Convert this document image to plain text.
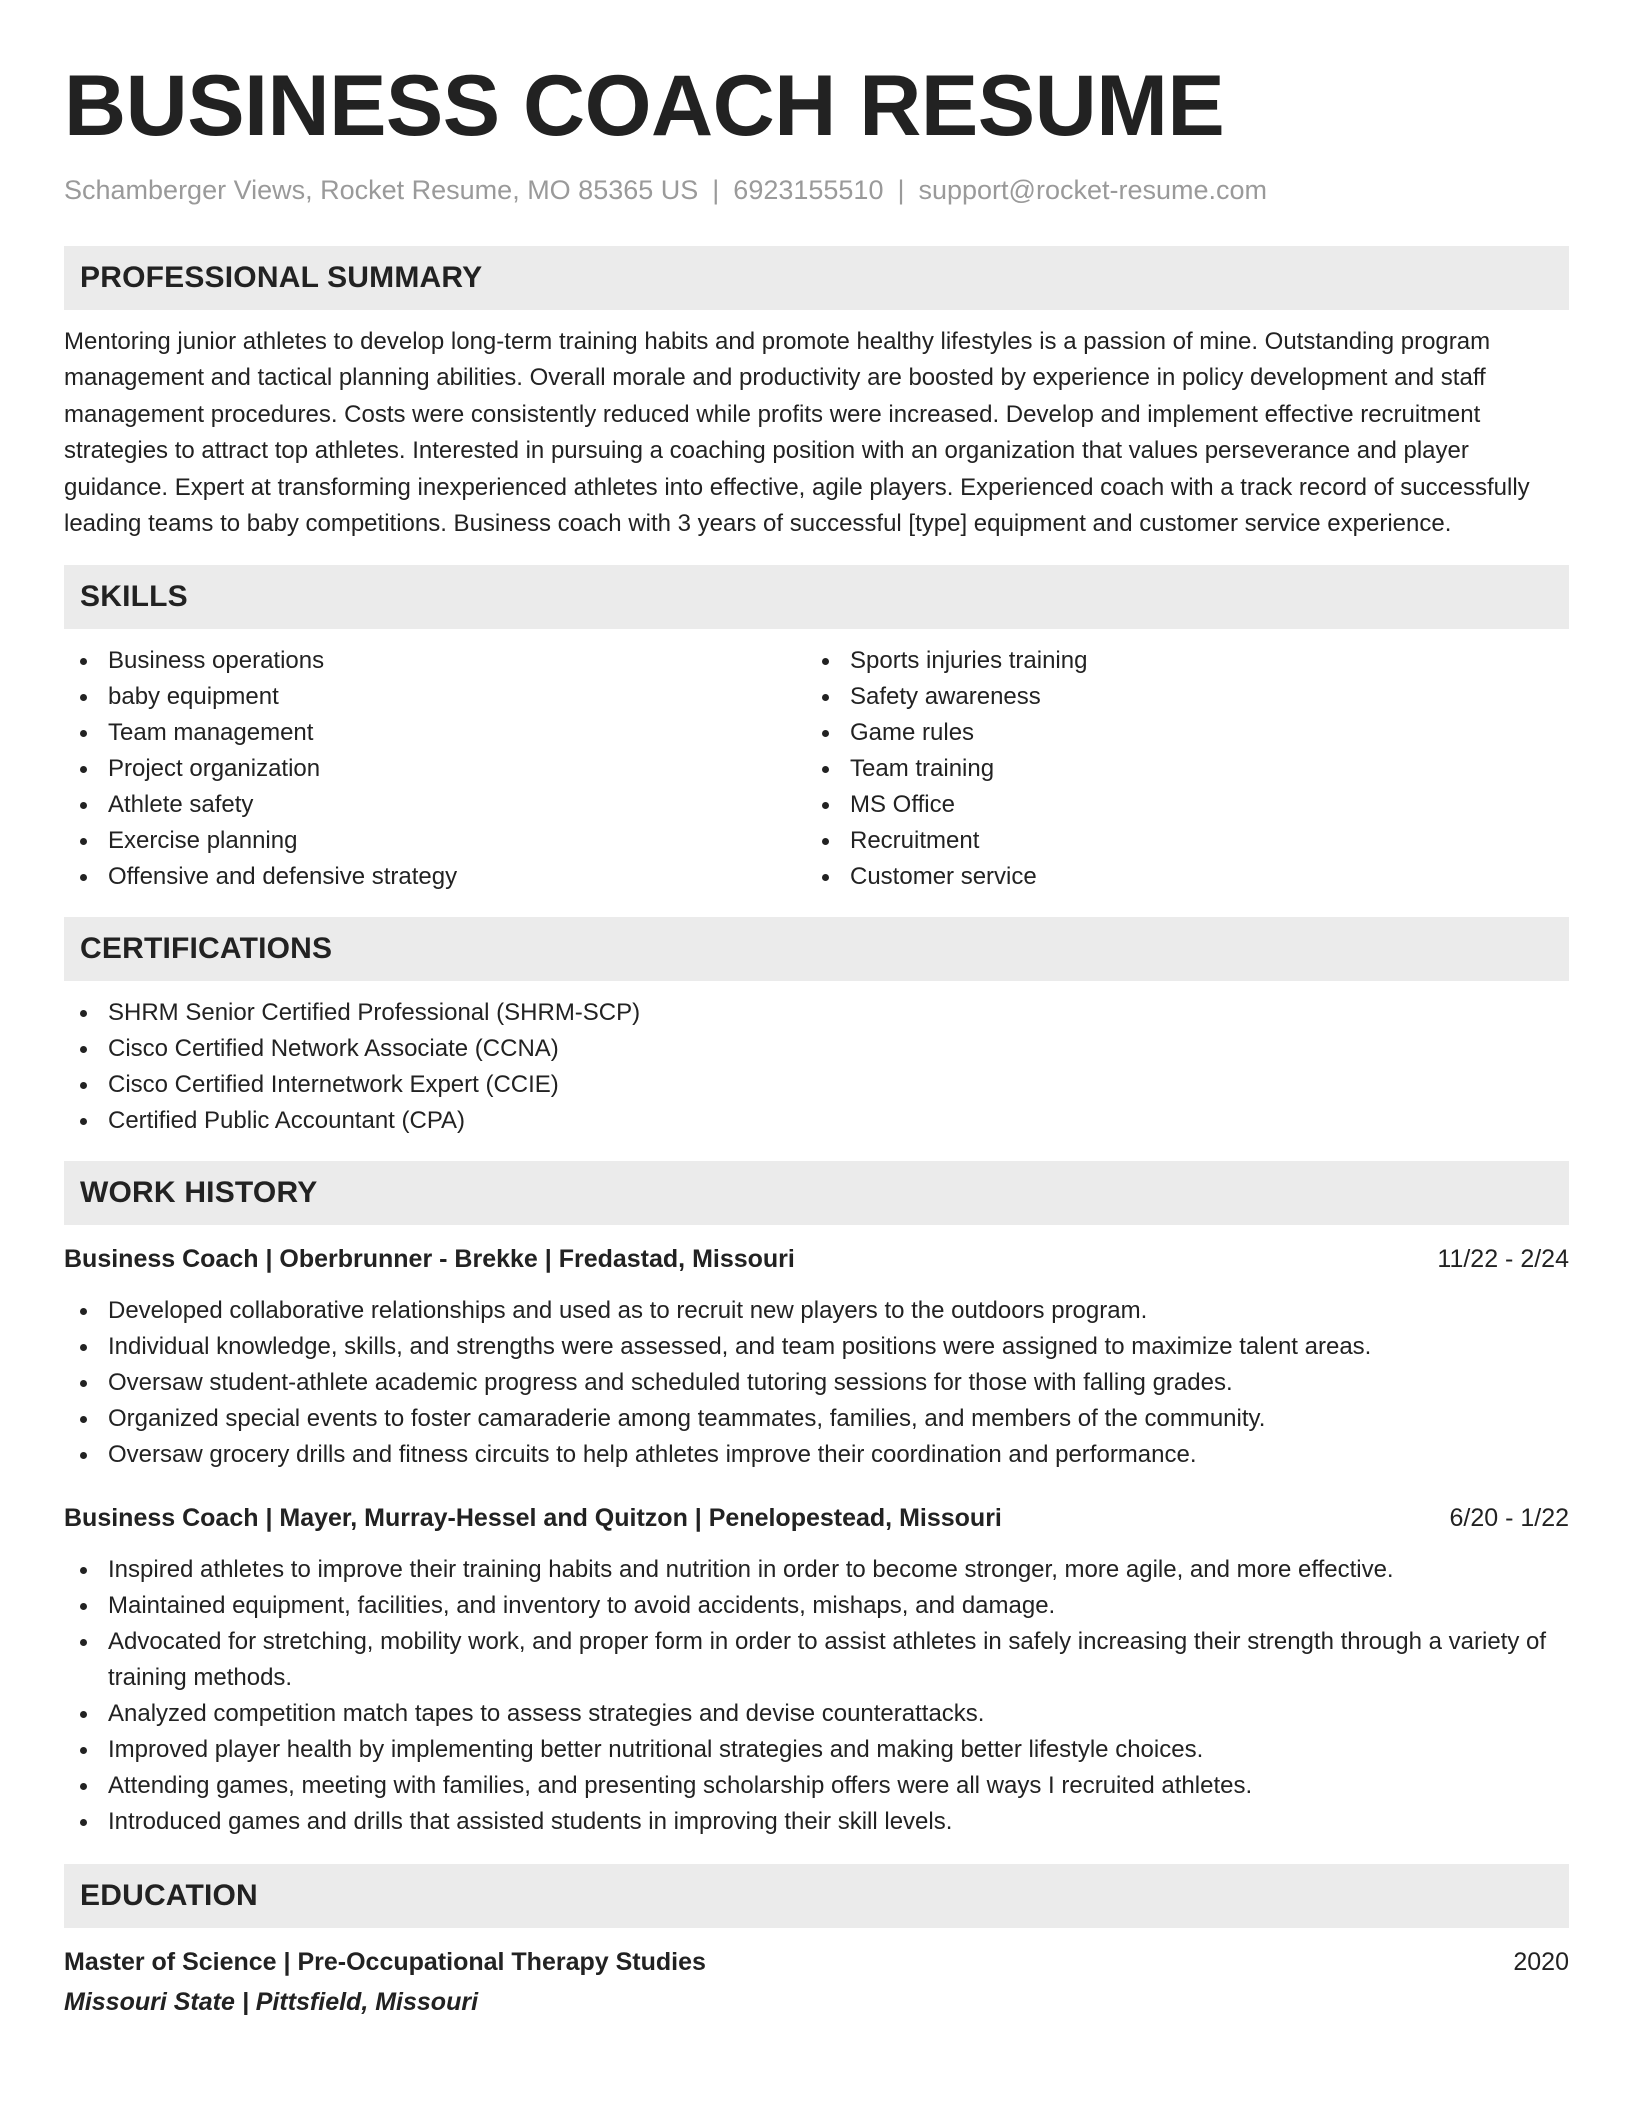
BUSINESS COACH RESUME
Schamberger Views, Rocket Resume, MO 85365 US | 6923155510 | support@rocket-resume.com
PROFESSIONAL SUMMARY

Mentoring junior athletes to develop long-term training habits and promote healthy lifestyles is a passion of mine. Outstanding program management and tactical planning abilities. Overall morale and productivity are boosted by experience in policy development and staff management procedures. Costs were consistently reduced while profits were increased. Develop and implement effective recruitment strategies to attract top athletes. Interested in pursuing a coaching position with an organization that values perseverance and player guidance. Expert at transforming inexperienced athletes into effective, agile players. Experienced coach with a track record of successfully leading teams to baby competitions. Business coach with 3 years of successful [type] equipment and customer service experience.

SKILLS
Business operations
baby equipment
Team management
Project organization
Athlete safety
Exercise planning
Offensive and defensive strategy
Sports injuries training
Safety awareness
Game rules
Team training
MS Office
Recruitment
Customer service
CERTIFICATIONS
SHRM Senior Certified Professional (SHRM-SCP)
Cisco Certified Network Associate (CCNA)
Cisco Certified Internetwork Expert (CCIE)
Certified Public Accountant (CPA)
WORK HISTORY
Business Coach | Oberbrunner - Brekke | Fredastad, Missouri	11/22 - 2/24
Developed collaborative relationships and used as to recruit new players to the outdoors program.
Individual knowledge, skills, and strengths were assessed, and team positions were assigned to maximize talent areas.
Oversaw student-athlete academic progress and scheduled tutoring sessions for those with falling grades.
Organized special events to foster camaraderie among teammates, families, and members of the community.
Oversaw grocery drills and fitness circuits to help athletes improve their coordination and performance.
Business Coach | Mayer, Murray-Hessel and Quitzon | Penelopestead, Missouri	6/20 - 1/22
Inspired athletes to improve their training habits and nutrition in order to become stronger, more agile, and more effective.
Maintained equipment, facilities, and inventory to avoid accidents, mishaps, and damage.
Advocated for stretching, mobility work, and proper form in order to assist athletes in safely increasing their strength through a variety of training methods.
Analyzed competition match tapes to assess strategies and devise counterattacks.
Improved player health by implementing better nutritional strategies and making better lifestyle choices.
Attending games, meeting with families, and presenting scholarship offers were all ways I recruited athletes.
Introduced games and drills that assisted students in improving their skill levels.
EDUCATION
Master of Science | Pre-Occupational Therapy Studies	2020
Missouri State | Pittsfield, Missouri
